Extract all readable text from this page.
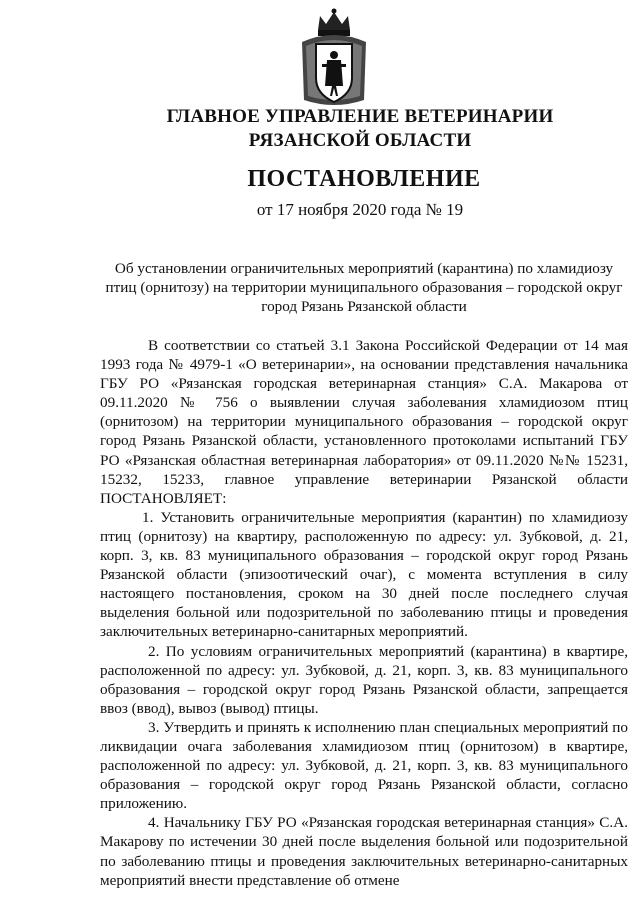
ГЛАВНОЕ УПРАВЛЕНИЕ ВЕТЕРИНАРИИ
РЯЗАНСКОЙ ОБЛАСТИ
ПОСТАНОВЛЕНИЕ
от 17 ноября 2020 года № 19
Об установлении ограничительных мероприятий (карантина) по хламидиозу птиц (орнитозу) на территории муниципального образования – городской округ город Рязань Рязанской области

В соответствии со статьей 3.1 Закона Российской Федерации от 14 мая 1993 года № 4979-1 «О ветеринарии», на основании представления начальника ГБУ РО «Рязанская городская ветеринарная станция» С.А. Макарова от 09.11.2020 № 756 о выявлении случая заболевания хламидиозом птиц (орнитозом) на территории муниципального образования – городской округ город Рязань Рязанской области, установленного протоколами испытаний ГБУ РО «Рязанская областная ветеринарная лаборатория» от 09.11.2020 №№ 15231, 15232, 15233, главное управление ветеринарии Рязанской области ПОСТАНОВЛЯЕТ:

1. Установить ограничительные мероприятия (карантин) по хламидиозу птиц (орнитозу) на квартиру, расположенную по адресу: ул. Зубковой, д. 21, корп. 3, кв. 83 муниципального образования – городской округ город Рязань Рязанской области (эпизоотический очаг), с момента вступления в силу настоящего постановления, сроком на 30 дней после последнего случая выделения больной или подозрительной по заболеванию птицы и проведения заключительных ветеринарно-санитарных мероприятий.

2. По условиям ограничительных мероприятий (карантина) в квартире, расположенной по адресу: ул. Зубковой, д. 21, корп. 3, кв. 83 муниципального образования – городской округ город Рязань Рязанской области, запрещается ввоз (ввод), вывоз (вывод) птицы.

3. Утвердить и принять к исполнению план специальных мероприятий по ликвидации очага заболевания хламидиозом птиц (орнитозом) в квартире, расположенной по адресу: ул. Зубковой, д. 21, корп. 3, кв. 83 муниципального образования – городской округ город Рязань Рязанской области, согласно приложению.

4. Начальнику ГБУ РО «Рязанская городская ветеринарная станция» С.А. Макарову по истечении 30 дней после выделения больной или подозрительной по заболеванию птицы и проведения заключительных ветеринарно-санитарных мероприятий внести представление об отмене
